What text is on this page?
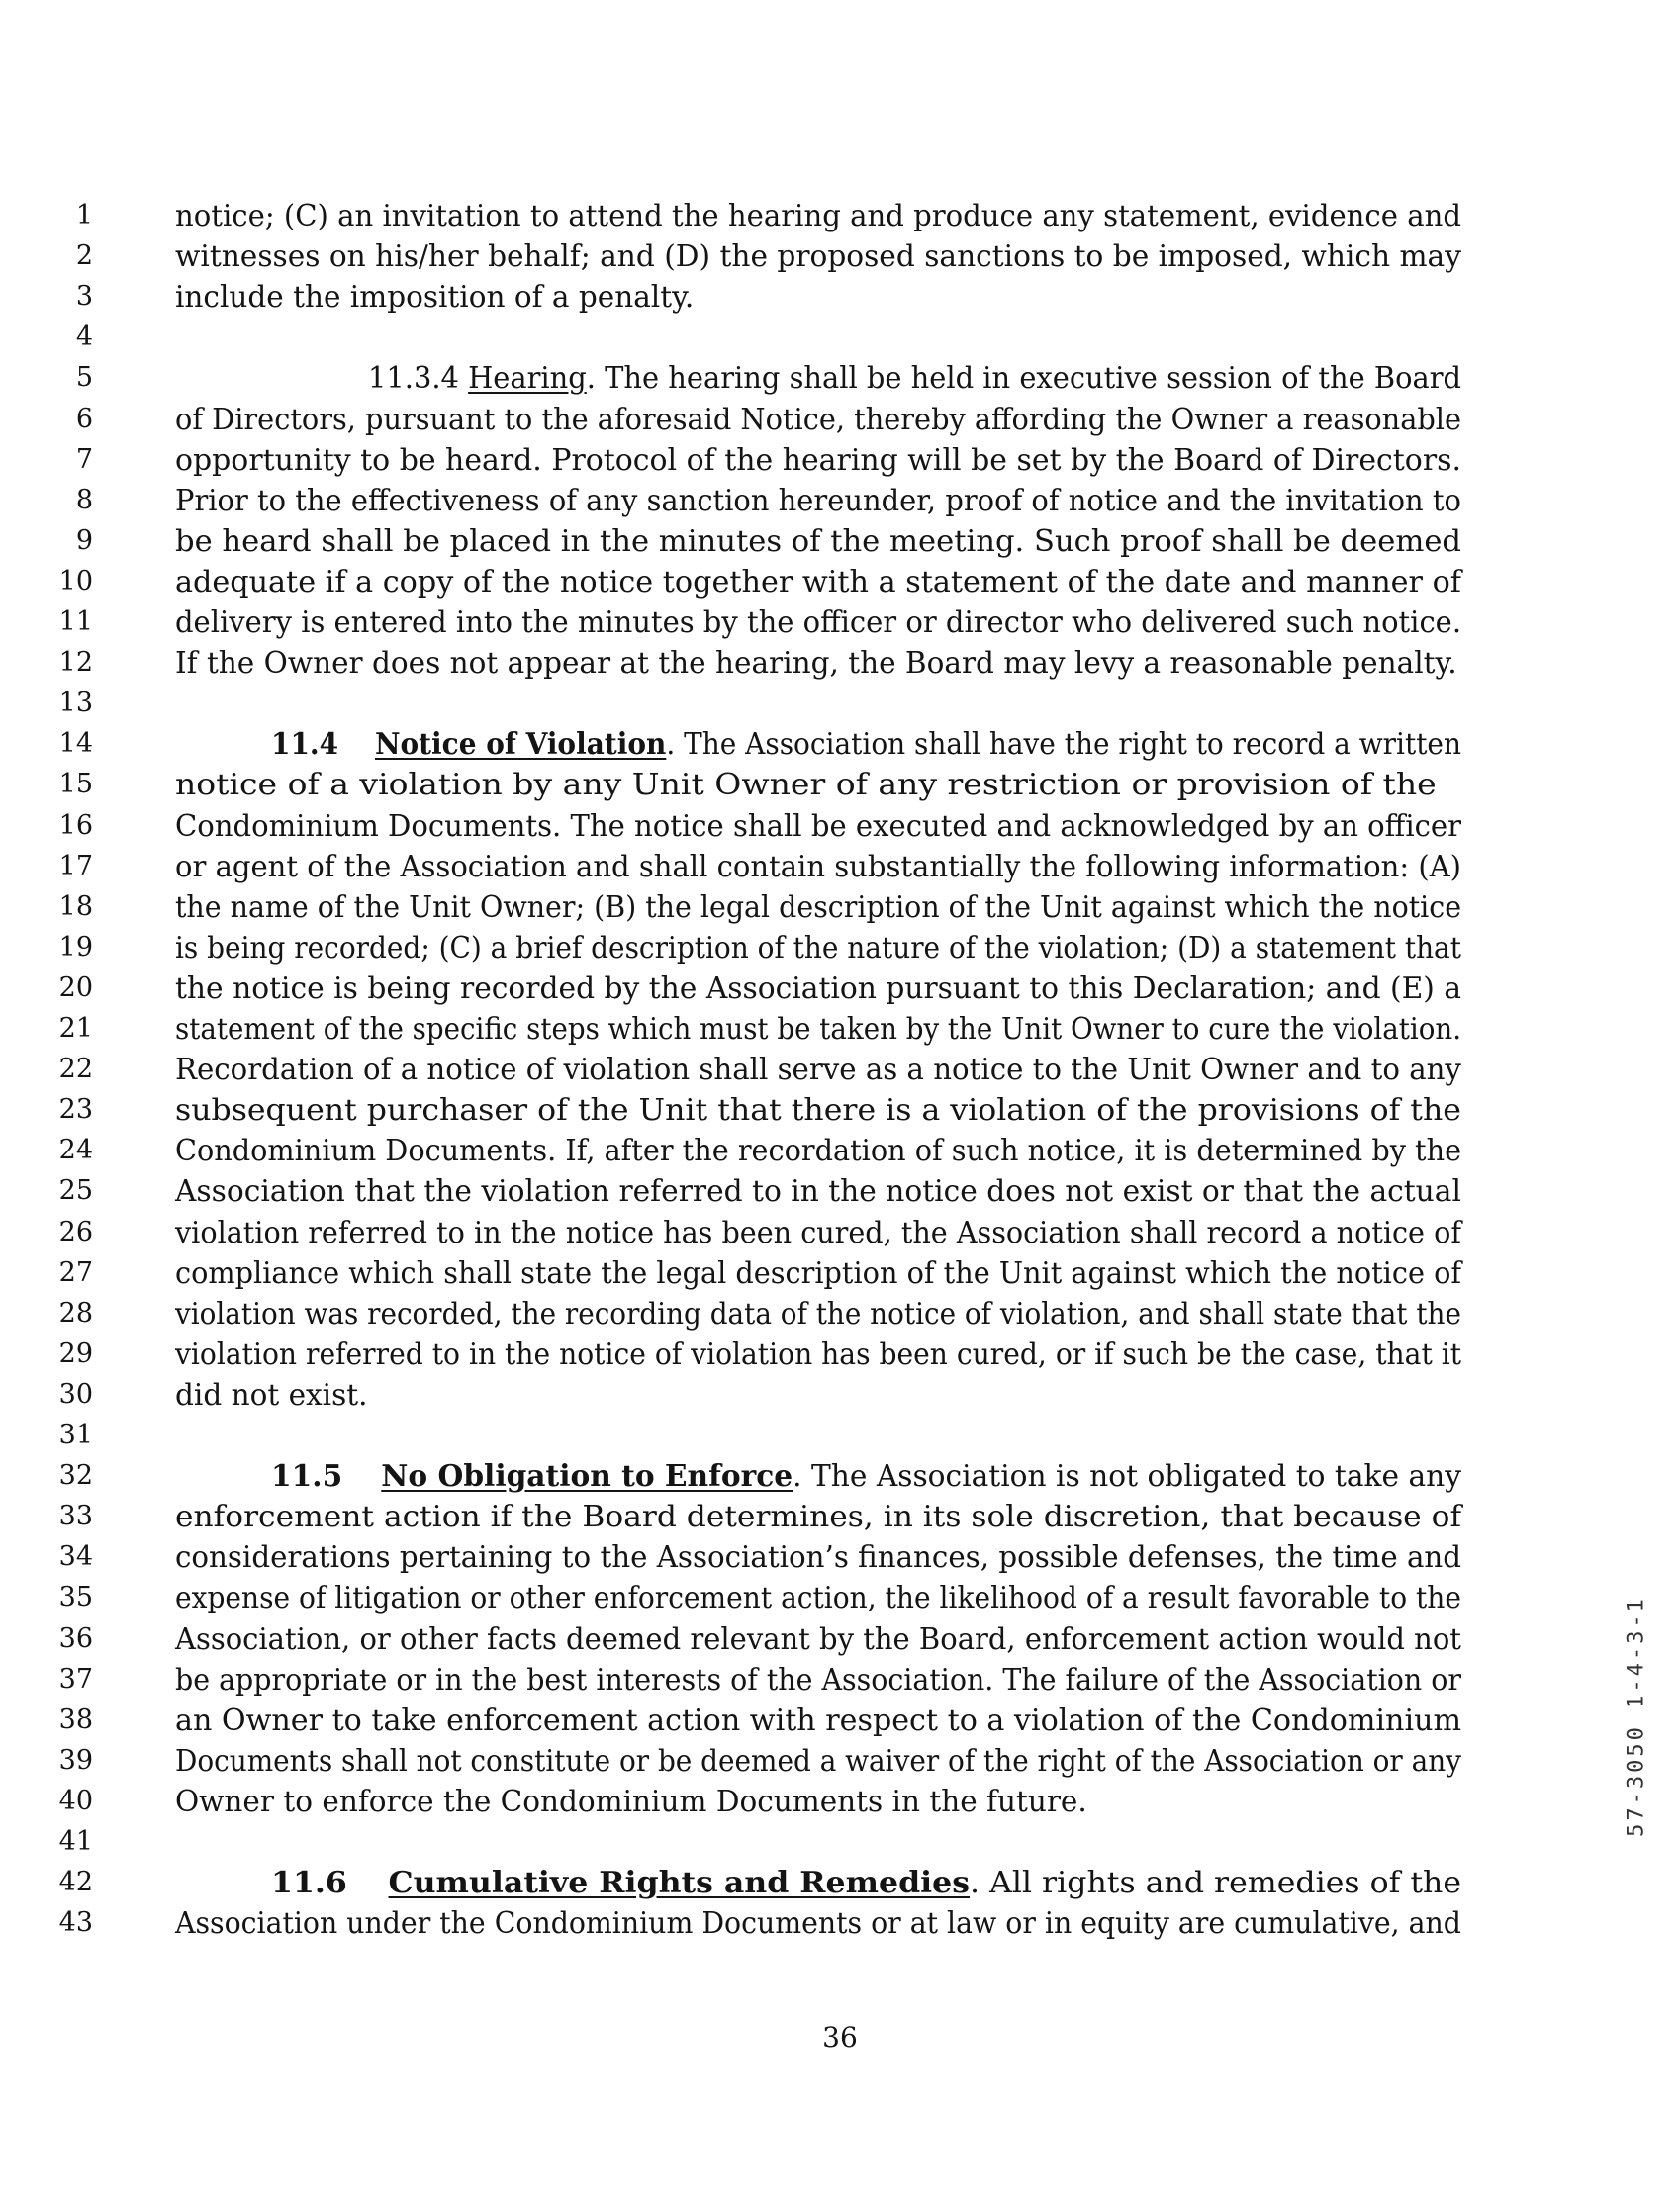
1	notice; (C) an invitation to attend the hearing and produce any statement, evidence and
2	witnesses on his/her behalf; and (D) the proposed sanctions to be imposed, which may
3	include the imposition of a penalty.
4
5	11.3.4 Hearing. The hearing shall be held in executive session of the Board
6	of Directors, pursuant to the aforesaid Notice, thereby affording the Owner a reasonable
7	opportunity to be heard. Protocol of the hearing will be set by the Board of Directors.
8	Prior to the effectiveness of any sanction hereunder, proof of notice and the invitation to
9	be heard shall be placed in the minutes of the meeting. Such proof shall be deemed
10	adequate if a copy of the notice together with a statement of the date and manner of
11	delivery is entered into the minutes by the officer or director who delivered such notice.
12	If the Owner does not appear at the hearing, the Board may levy a reasonable penalty.
13
14	11.4  Notice of Violation. The Association shall have the right to record a written
15	notice of a violation by any Unit Owner of any restriction or provision of the
16	Condominium Documents. The notice shall be executed and acknowledged by an officer
17	or agent of the Association and shall contain substantially the following information: (A)
18	the name of the Unit Owner; (B) the legal description of the Unit against which the notice
19	is being recorded; (C) a brief description of the nature of the violation; (D) a statement that
20	the notice is being recorded by the Association pursuant to this Declaration; and (E) a
21	statement of the specific steps which must be taken by the Unit Owner to cure the violation.
22	Recordation of a notice of violation shall serve as a notice to the Unit Owner and to any
23	subsequent purchaser of the Unit that there is a violation of the provisions of the
24	Condominium Documents. If, after the recordation of such notice, it is determined by the
25	Association that the violation referred to in the notice does not exist or that the actual
26	violation referred to in the notice has been cured, the Association shall record a notice of
27	compliance which shall state the legal description of the Unit against which the notice of
28	violation was recorded, the recording data of the notice of violation, and shall state that the
29	violation referred to in the notice of violation has been cured, or if such be the case, that it
30	did not exist.
31
32	11.5  No Obligation to Enforce. The Association is not obligated to take any
33	enforcement action if the Board determines, in its sole discretion, that because of
34	considerations pertaining to the Association’s finances, possible defenses, the time and
35	expense of litigation or other enforcement action, the likelihood of a result favorable to the
36	Association, or other facts deemed relevant by the Board, enforcement action would not
37	be appropriate or in the best interests of the Association. The failure of the Association or
38	an Owner to take enforcement action with respect to a violation of the Condominium
39	Documents shall not constitute or be deemed a waiver of the right of the Association or any
40	Owner to enforce the Condominium Documents in the future.
41
42	11.6  Cumulative Rights and Remedies. All rights and remedies of the
43	Association under the Condominium Documents or at law or in equity are cumulative, and
36
57-3050 1-4-3-1
